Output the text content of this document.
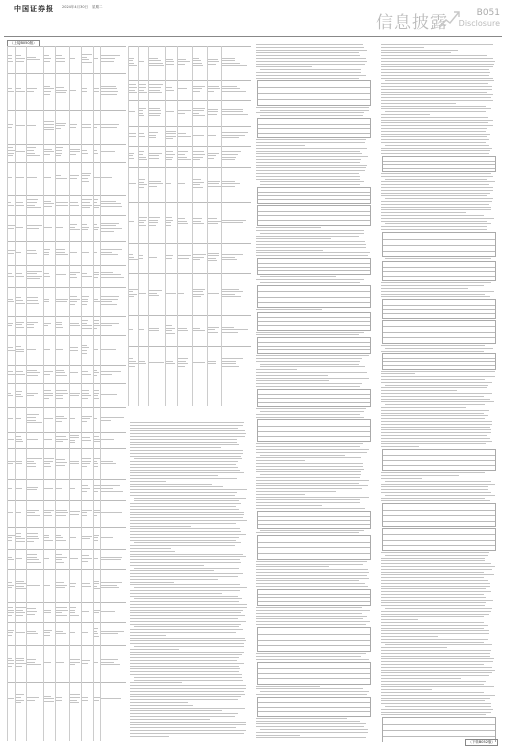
中国证券报 2024年4月30日 星期二
信息披露	B051
Disclosure
（上接B050版）
（下转B052版）
